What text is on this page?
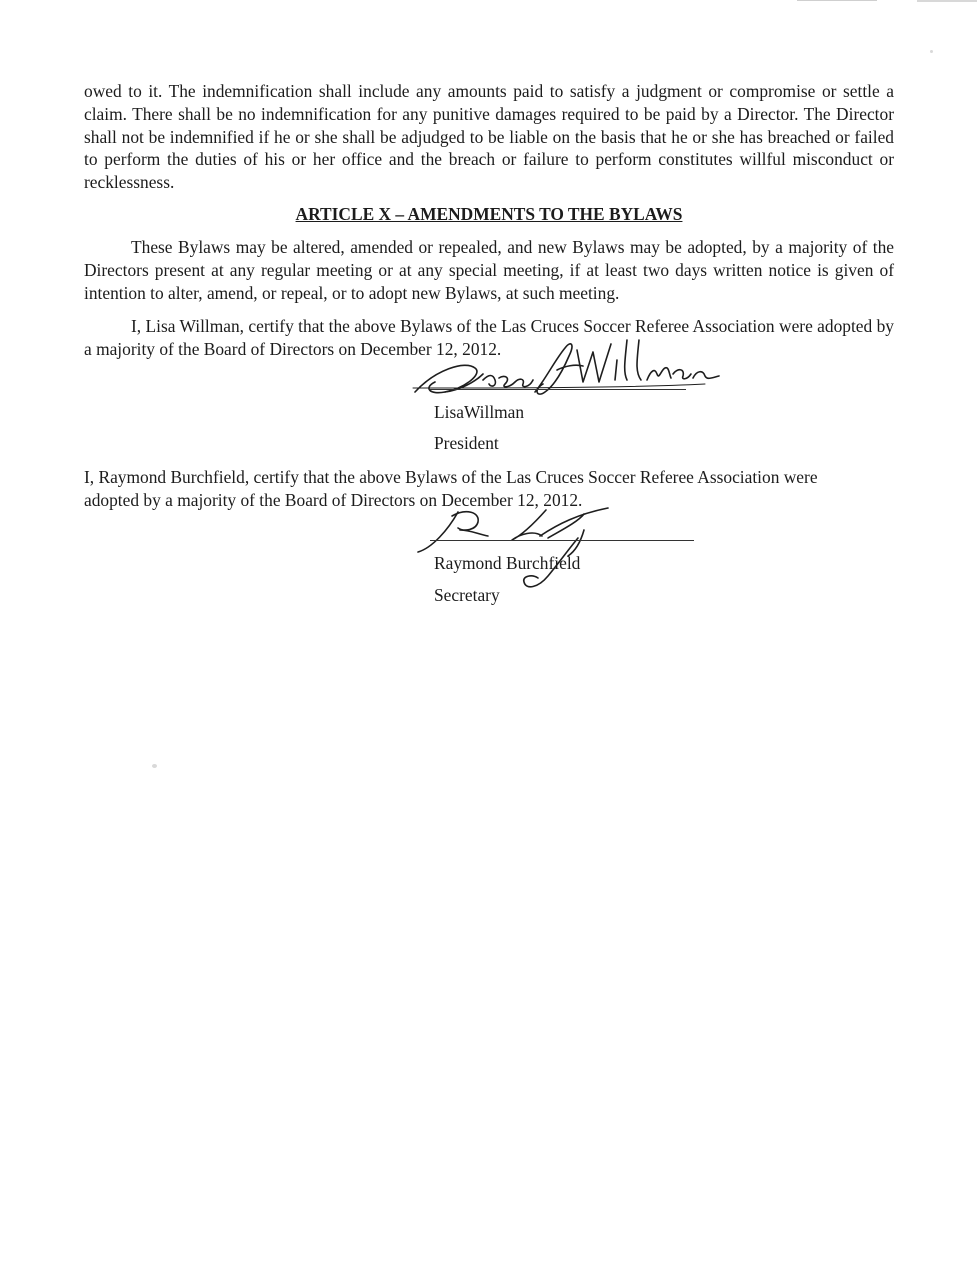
owed to it. The indemnification shall include any amounts paid to satisfy a judgment or compromise or settle a claim. There shall be no indemnification for any punitive damages required to be paid by a Director. The Director shall not be indemnified if he or she shall be adjudged to be liable on the basis that he or she has breached or failed to perform the duties of his or her office and the breach or failure to perform constitutes willful misconduct or recklessness.

ARTICLE X – AMENDMENTS TO THE BYLAWS

These Bylaws may be altered, amended or repealed, and new Bylaws may be adopted, by a majority of the Directors present at any regular meeting or at any special meeting, if at least two days written notice is given of intention to alter, amend, or repeal, or to adopt new Bylaws, at such meeting.

I, Lisa Willman, certify that the above Bylaws of the Las Cruces Soccer Referee Association were adopted by a majority of the Board of Directors on December 12, 2012.

LisaWillman
President

I, Raymond Burchfield, certify that the above Bylaws of the Las Cruces Soccer Referee Association were adopted by a majority of the Board of Directors on December 12, 2012.

Raymond Burchfield
Secretary
